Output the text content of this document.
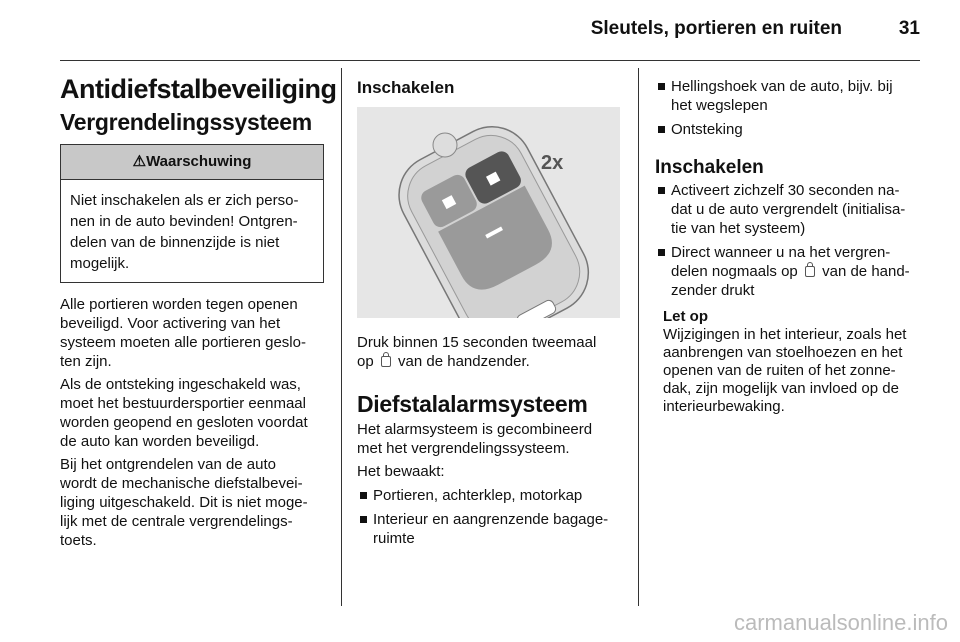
Sleutels, portieren en ruiten	31
Antidiefstalbeveiliging
Vergrendelingssysteem
⚠Waarschuwing
Niet inschakelen als er zich perso-
nen in de auto bevinden! Ontgren-
delen van de binnenzijde is niet
mogelijk.
Alle portieren worden tegen openen
beveiligd. Voor activering van het
systeem moeten alle portieren geslo-
ten zijn.
Als de ontsteking ingeschakeld was,
moet het bestuurdersportier eenmaal
worden geopend en gesloten voordat
de auto kan worden beveiligd.
Bij het ontgrendelen van de auto
wordt de mechanische diefstalbevei-
liging uitgeschakeld. Dit is niet moge-
lijk met de centrale vergrendelings-
toets.
Inschakelen
2x
Druk binnen 15 seconden tweemaal
op van de handzender.
Diefstalalarmsysteem
Het alarmsysteem is gecombineerd
met het vergrendelingssysteem.
Het bewaakt:
Portieren, achterklep, motorkap
Interieur en aangrenzende bagage-
ruimte
Hellingshoek van de auto, bijv. bij
het wegslepen
Ontsteking
Inschakelen
Activeert zichzelf 30 seconden na-
dat u de auto vergrendelt (initialisa-
tie van het systeem)
Direct wanneer u na het vergren-
delen nogmaals op van de hand-
zender drukt
Let op
Wijzigingen in het interieur, zoals het
aanbrengen van stoelhoezen en het
openen van de ruiten of het zonne-
dak, zijn mogelijk van invloed op de
interieurbewaking.
carmanualsonline.info
